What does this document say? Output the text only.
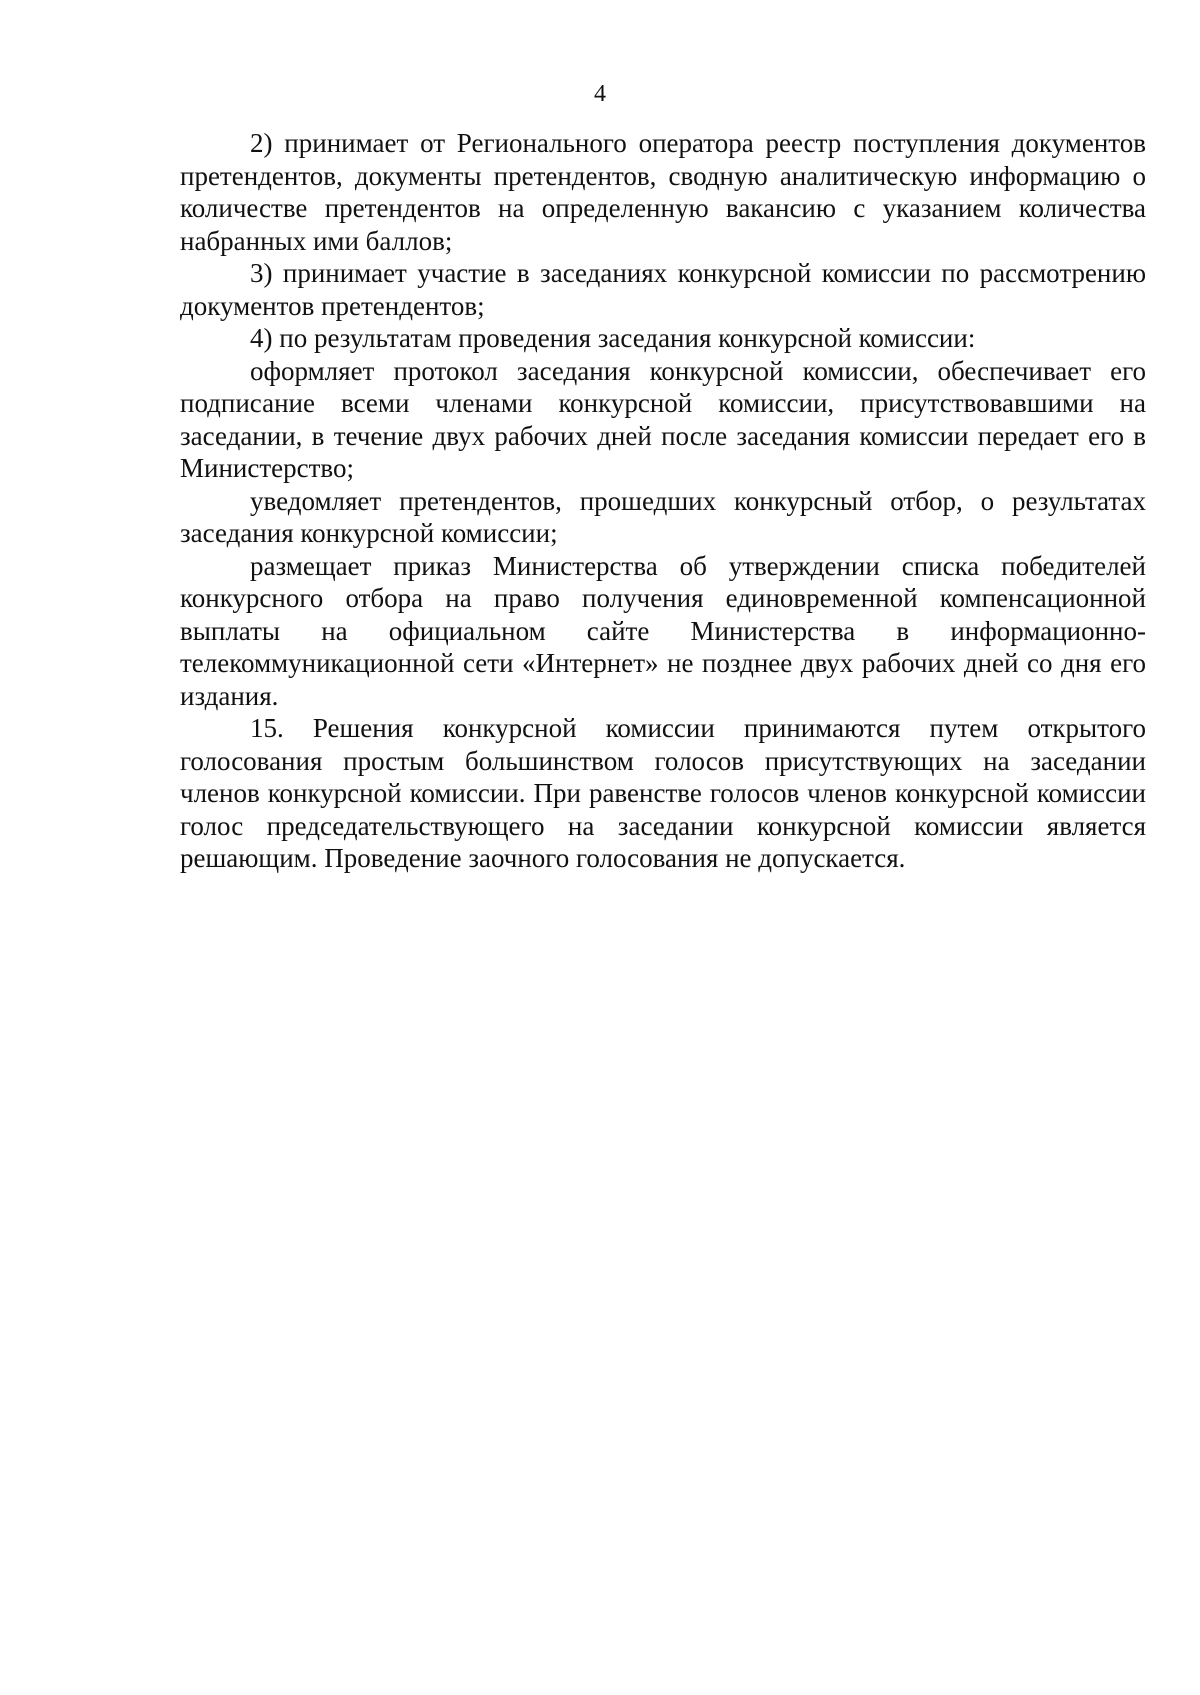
4

2) принимает от Регионального оператора реестр поступления документов претендентов, документы претендентов, сводную аналитическую информацию о количестве претендентов на определенную вакансию с указанием количества набранных ими баллов;

3) принимает участие в заседаниях конкурсной комиссии по рассмотрению документов претендентов;

4) по результатам проведения заседания конкурсной комиссии:

оформляет протокол заседания конкурсной комиссии, обеспечивает его подписание всеми членами конкурсной комиссии, присутствовавшими на заседании, в течение двух рабочих дней после заседания комиссии передает его в Министерство;

уведомляет претендентов, прошедших конкурсный отбор, о результатах заседания конкурсной комиссии;

размещает приказ Министерства об утверждении списка победителей конкурсного отбора на право получения единовременной компенсационной выплаты на официальном сайте Министерства в информационно-телекоммуникационной сети «Интернет» не позднее двух рабочих дней со дня его издания.

15. Решения конкурсной комиссии принимаются путем открытого голосования простым большинством голосов присутствующих на заседании членов конкурсной комиссии. При равенстве голосов членов конкурсной комиссии голос председательствующего на заседании конкурсной комиссии является решающим. Проведение заочного голосования не допускается.
